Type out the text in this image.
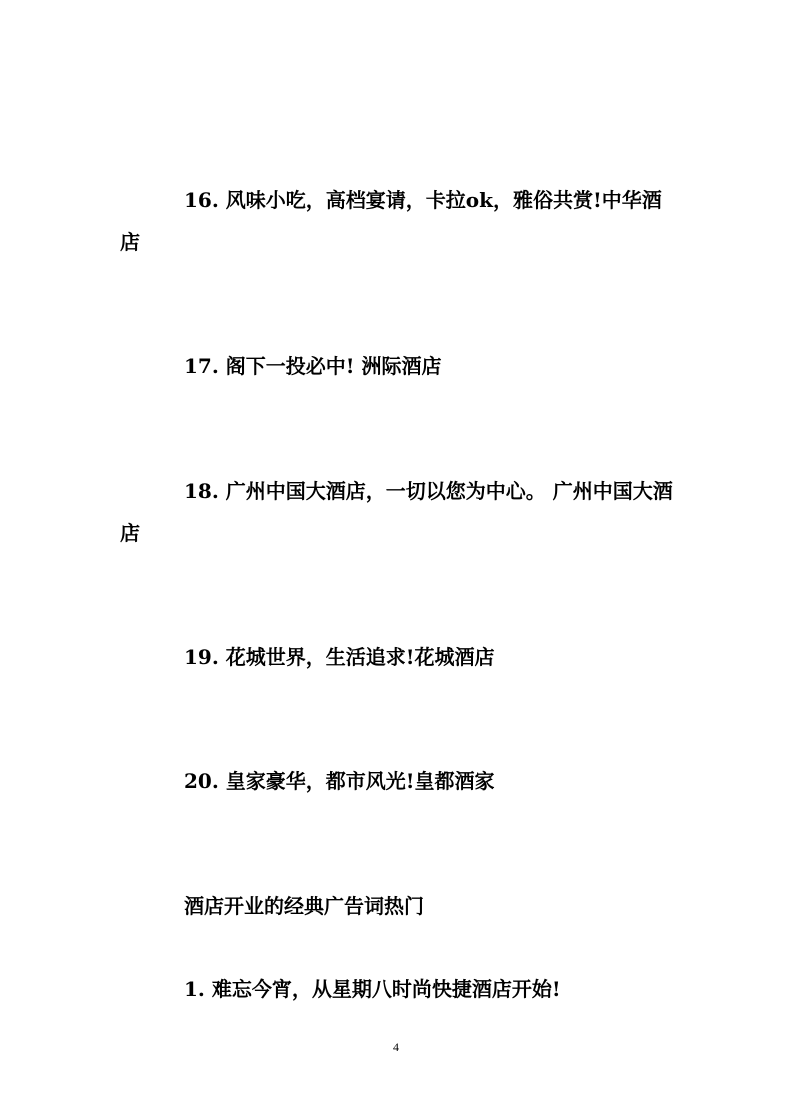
16. 风味小吃，高档宴请，卡拉ok，雅俗共赏!中华酒店

17. 阁下一投必中! 洲际酒店

18. 广州中国大酒店，一切以您为中心。 广州中国大酒店

19. 花城世界，生活追求!花城酒店

20. 皇家豪华，都市风光!皇都酒家

酒店开业的经典广告词热门

1. 难忘今宵，从星期八时尚快捷酒店开始!

4
